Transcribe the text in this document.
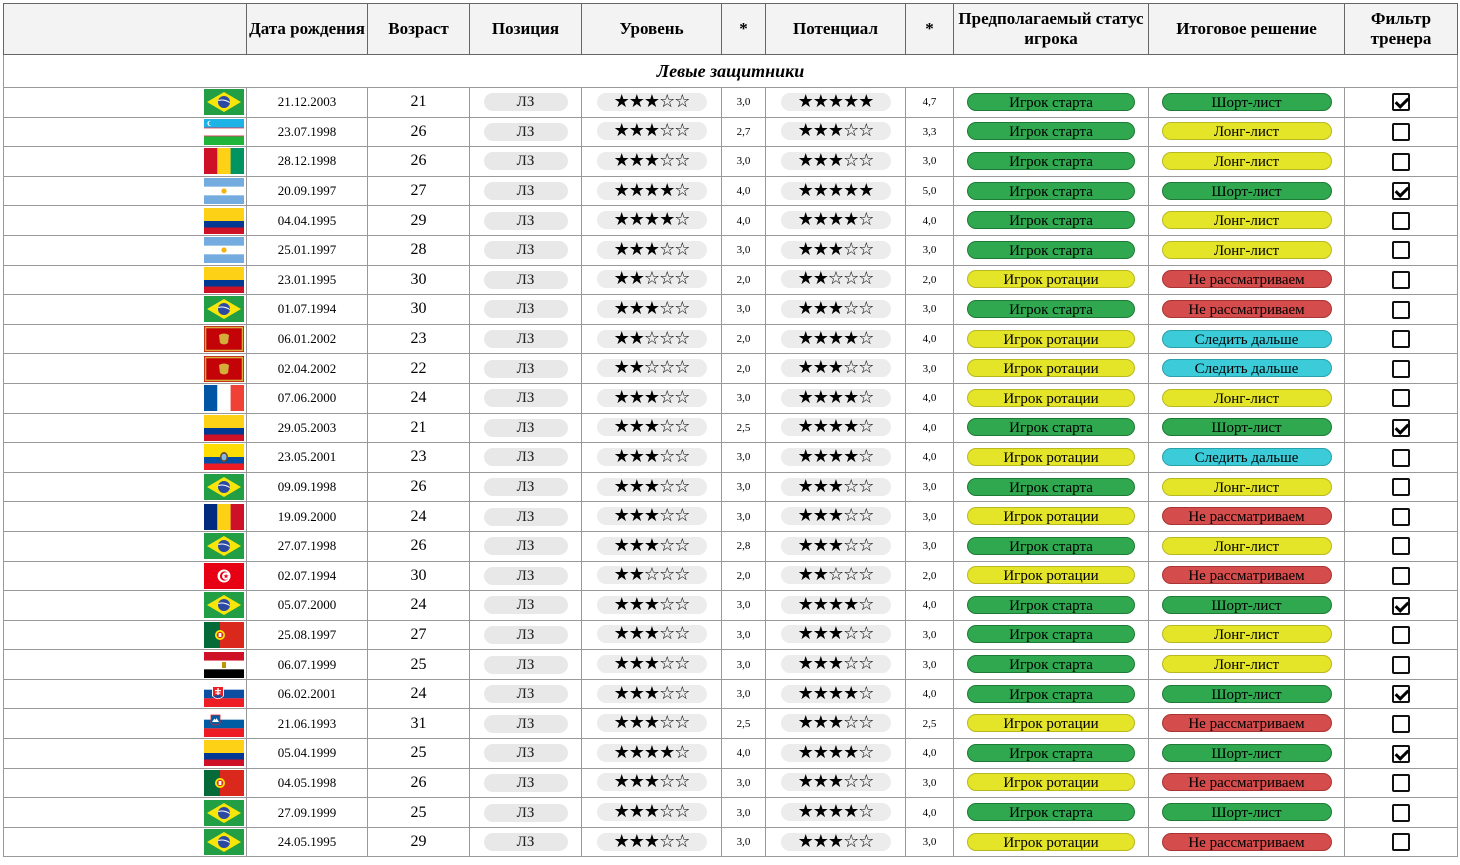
		Дата рождения	Возраст	Позиция	Уровень	*	Потенциал	*	Предполагаемый статус игрока	Итоговое решение	Фильтр тренера
Левые защитники											

	21.12.2003	21	ЛЗ	★★★☆☆	3,0	★★★★★	4,7	Игрок старта	Шорт-лист	

	23.07.1998	26	ЛЗ	★★★☆☆	2,7	★★★☆☆	3,3	Игрок старта	Лонг-лист	

	28.12.1998	26	ЛЗ	★★★☆☆	3,0	★★★☆☆	3,0	Игрок старта	Лонг-лист	

	20.09.1997	27	ЛЗ	★★★★☆	4,0	★★★★★	5,0	Игрок старта	Шорт-лист	

	04.04.1995	29	ЛЗ	★★★★☆	4,0	★★★★☆	4,0	Игрок старта	Лонг-лист	

	25.01.1997	28	ЛЗ	★★★☆☆	3,0	★★★☆☆	3,0	Игрок старта	Лонг-лист	

	23.01.1995	30	ЛЗ	★★☆☆☆	2,0	★★☆☆☆	2,0	Игрок ротации	Не рассматриваем	

	01.07.1994	30	ЛЗ	★★★☆☆	3,0	★★★☆☆	3,0	Игрок старта	Не рассматриваем	

	06.01.2002	23	ЛЗ	★★☆☆☆	2,0	★★★★☆	4,0	Игрок ротации	Следить дальше	

	02.04.2002	22	ЛЗ	★★☆☆☆	2,0	★★★☆☆	3,0	Игрок ротации	Следить дальше	

	07.06.2000	24	ЛЗ	★★★☆☆	3,0	★★★★☆	4,0	Игрок ротации	Лонг-лист	

	29.05.2003	21	ЛЗ	★★★☆☆	2,5	★★★★☆	4,0	Игрок старта	Шорт-лист	

	23.05.2001	23	ЛЗ	★★★☆☆	3,0	★★★★☆	4,0	Игрок ротации	Следить дальше	

	09.09.1998	26	ЛЗ	★★★☆☆	3,0	★★★☆☆	3,0	Игрок старта	Лонг-лист	

	19.09.2000	24	ЛЗ	★★★☆☆	3,0	★★★☆☆	3,0	Игрок ротации	Не рассматриваем	

	27.07.1998	26	ЛЗ	★★★☆☆	2,8	★★★☆☆	3,0	Игрок старта	Лонг-лист	

	02.07.1994	30	ЛЗ	★★☆☆☆	2,0	★★☆☆☆	2,0	Игрок ротации	Не рассматриваем	

	05.07.2000	24	ЛЗ	★★★☆☆	3,0	★★★★☆	4,0	Игрок старта	Шорт-лист	

	25.08.1997	27	ЛЗ	★★★☆☆	3,0	★★★☆☆	3,0	Игрок старта	Лонг-лист	

	06.07.1999	25	ЛЗ	★★★☆☆	3,0	★★★☆☆	3,0	Игрок старта	Лонг-лист	

	06.02.2001	24	ЛЗ	★★★☆☆	3,0	★★★★☆	4,0	Игрок старта	Шорт-лист	

	21.06.1993	31	ЛЗ	★★★☆☆	2,5	★★★☆☆	2,5	Игрок ротации	Не рассматриваем	

	05.04.1999	25	ЛЗ	★★★★☆	4,0	★★★★☆	4,0	Игрок старта	Шорт-лист	

	04.05.1998	26	ЛЗ	★★★☆☆	3,0	★★★☆☆	3,0	Игрок ротации	Не рассматриваем	

	27.09.1999	25	ЛЗ	★★★☆☆	3,0	★★★★☆	4,0	Игрок старта	Шорт-лист	

	24.05.1995	29	ЛЗ	★★★☆☆	3,0	★★★☆☆	3,0	Игрок ротации	Не рассматриваем	
